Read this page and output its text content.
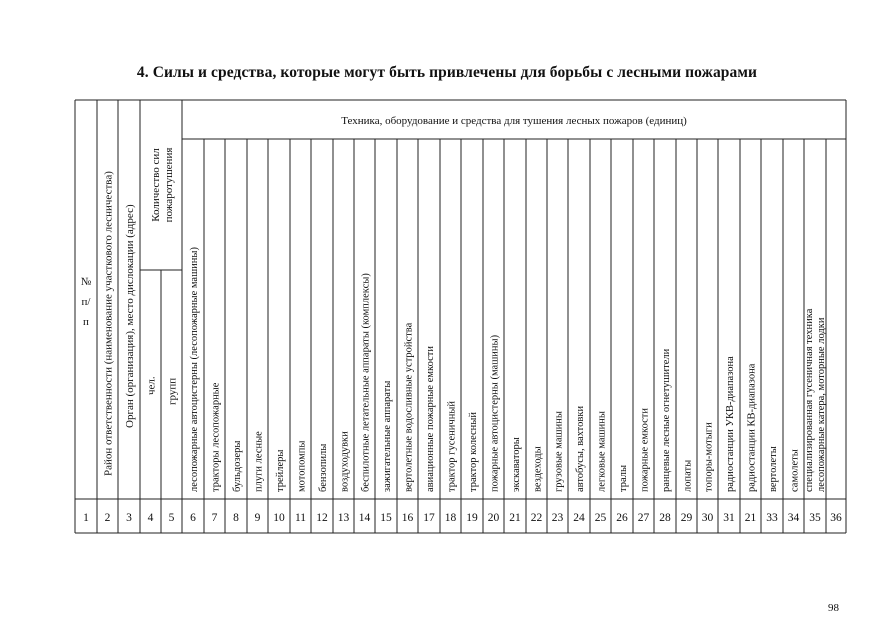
4. Силы и средства, которые могут быть привлечены для борьбы с лесными пожарами
№
п/
п Район ответственности (наименование участкового лесничества) Орган (организация), место дислокации (адрес)
Количество сил пожаротушения
чел. групп
Техника, оборудование и средства для тушения лесных пожаров (единиц)
лесопожарные автоцистерны (лесопожарные машины) тракторы лесопожарные бульдозеры плуги лесные трейлеры мотопомпы бензопилы воздуходувки беспилотные летательные аппараты (комплексы) зажигательные аппараты вертолетные водосливные устройства авиационные пожарные емкости трактор гусеничный трактор колесный пожарные автоцистерны (машины) экскаваторы вездеходы грузовые машины автобусы, вахтовки легковые машины тралы пожарные емкости ранцевые лесные огнетушители лопаты топоры-мотыги радиостанции УКВ-диапазона радиостанции КВ-диапазона вертолеты самолеты специализированная гусеничная техника лесопожарные катера, моторные лодки
1 2 3 4 5 6 7 8 9 10 11 12 13 14 15 16 17 18 19 20 21 22 23 24 25 26 27 28 29 30 31 21 33 34 35 36
98
